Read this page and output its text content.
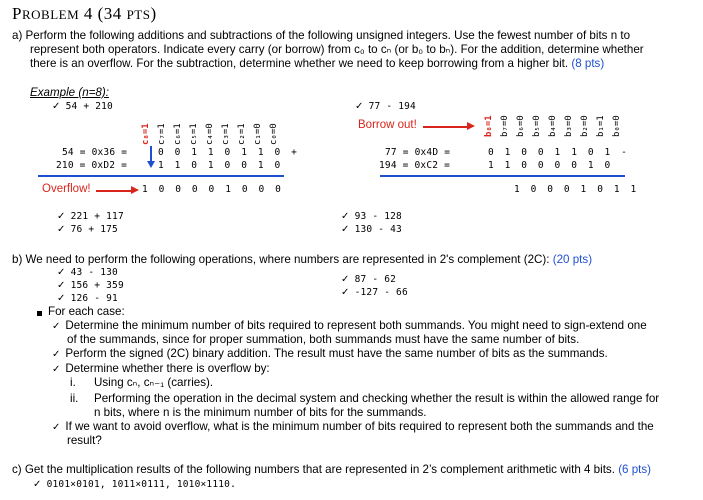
PROBLEM 4 (34 PTS)
a) Perform the following additions and subtractions of the following unsigned integers. Use the fewest number of bits n to
represent both operators. Indicate every carry (or borrow) from c₀ to cₙ (or b₀ to bₙ). For the addition, determine whether
there is an overflow. For the subtraction, determine whether we need to keep borrowing from a higher bit. (8 pts)
Example (n=8):
✓ 54 + 210
✓	77 - 194
c₈=1 c₇=1 c₆=1 c₅=1 c₄=0 c₃=1 c₂=1 c₁=0 c₀=0	b₈=1 b₇=0 b₆=0 b₅=0 b₄=0 b₃=0 b₂=0 b₁=1 b₀=0
Borrow out!
54 = 0x36 =	0 0 1 1 0 1 1 0 +
210 = 0xD2 =	1 1 0 1 0 0 1 0
77 = 0x4D =	0 1 0 0 1 1 0 1 -
194 = 0xC2 =	1 1 0 0 0 0 1 0
Overflow!	1 0 0 0 0 1 0 0 0	1 0 0 0 1 0 1 1
✓ 221 + 117
✓ 76 + 175
✓ 93 - 128
✓ 130 - 43
b) We need to perform the following operations, where numbers are represented in 2's complement (2C): (20 pts)
✓ 43 - 130
✓ 156 + 359
✓ 126 - 91
✓ 87 - 62
✓ -127 - 66
For each case:
✓ Determine the minimum number of bits required to represent both summands. You might need to sign-extend one
of the summands, since for proper summation, both summands must have the same number of bits.
✓ Perform the signed (2C) binary addition. The result must have the same number of bits as the summands.
✓ Determine whether there is overflow by:
i. Using cₙ, cₙ₋₁ (carries).
ii. Performing the operation in the decimal system and checking whether the result is within the allowed range for
n bits, where n is the minimum number of bits for the summands.
✓ If we want to avoid overflow, what is the minimum number of bits required to represent both the summands and the
result?
c) Get the multiplication results of the following numbers that are represented in 2’s complement arithmetic with 4 bits. (6 pts)
✓ 0101×0101, 1011×0111, 1010×1110.
